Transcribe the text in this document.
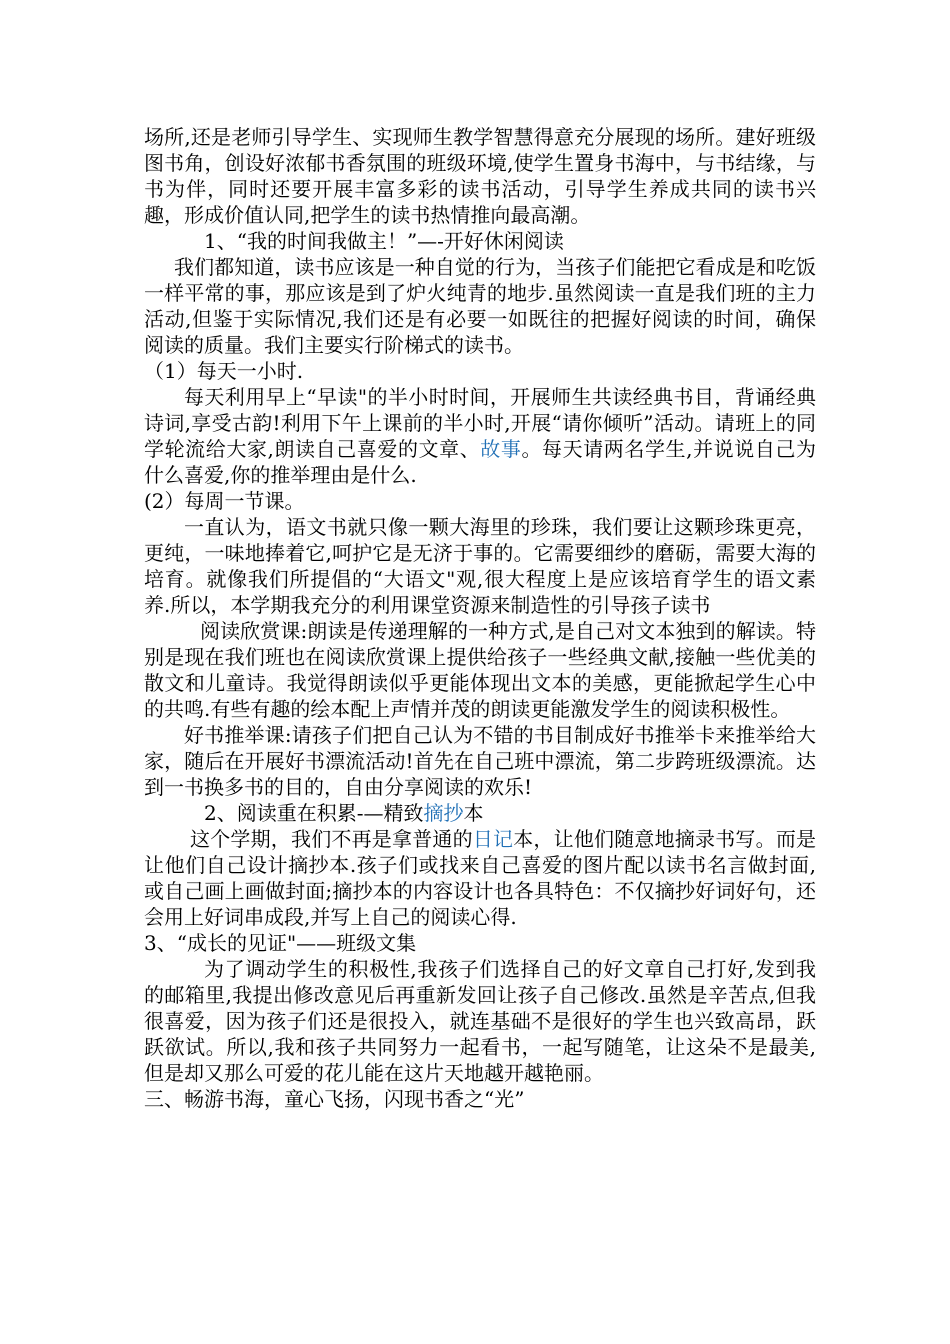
场所,还是老师引导学生、实现师生教学智慧得意充分展现的场所。建好班级图书角，创设好浓郁书香氛围的班级环境,使学生置身书海中，与书结缘，与书为伴，同时还要开展丰富多彩的读书活动，引导学生养成共同的读书兴趣，形成价值认同,把学生的读书热情推向最高潮。

1、“我的时间我做主！”—-开好休闲阅读

我们都知道，读书应该是一种自觉的行为，当孩子们能把它看成是和吃饭一样平常的事，那应该是到了炉火纯青的地步.虽然阅读一直是我们班的主力活动,但鉴于实际情况,我们还是有必要一如既往的把握好阅读的时间，确保阅读的质量。我们主要实行阶梯式的读书。

（1）每天一小时.

每天利用早上“早读"的半小时时间，开展师生共读经典书目，背诵经典诗词,享受古韵!利用下午上课前的半小时,开展“请你倾听”活动。请班上的同学轮流给大家,朗读自己喜爱的文章、故事。每天请两名学生,并说说自己为什么喜爱,你的推举理由是什么.

(2）每周一节课。

一直认为，语文书就只像一颗大海里的珍珠，我们要让这颗珍珠更亮，更纯，一味地捧着它,呵护它是无济于事的。它需要细纱的磨砺，需要大海的培育。就像我们所提倡的“大语文"观,很大程度上是应该培育学生的语文素养.所以，本学期我充分的利用课堂资源来制造性的引导孩子读书

阅读欣赏课:朗读是传递理解的一种方式,是自己对文本独到的解读。特别是现在我们班也在阅读欣赏课上提供给孩子一些经典文献,接触一些优美的散文和儿童诗。我觉得朗读似乎更能体现出文本的美感，更能掀起学生心中的共鸣.有些有趣的绘本配上声情并茂的朗读更能激发学生的阅读积极性。

好书推举课:请孩子们把自己认为不错的书目制成好书推举卡来推举给大家，随后在开展好书漂流活动!首先在自己班中漂流，第二步跨班级漂流。达到一书换多书的目的，自由分享阅读的欢乐!

2、阅读重在积累-—精致摘抄本

这个学期，我们不再是拿普通的日记本，让他们随意地摘录书写。而是让他们自己设计摘抄本.孩子们或找来自己喜爱的图片配以读书名言做封面,或自己画上画做封面;摘抄本的内容设计也各具特色：不仅摘抄好词好句，还会用上好词串成段,并写上自己的阅读心得.

3、“成长的见证"——班级文集

为了调动学生的积极性,我孩子们选择自己的好文章自己打好,发到我的邮箱里,我提出修改意见后再重新发回让孩子自己修改.虽然是辛苦点,但我很喜爱，因为孩子们还是很投入，就连基础不是很好的学生也兴致高昂，跃跃欲试。所以,我和孩子共同努力一起看书，一起写随笔，让这朵不是最美,但是却又那么可爱的花儿能在这片天地越开越艳丽。

三、畅游书海，童心飞扬，闪现书香之“光”
